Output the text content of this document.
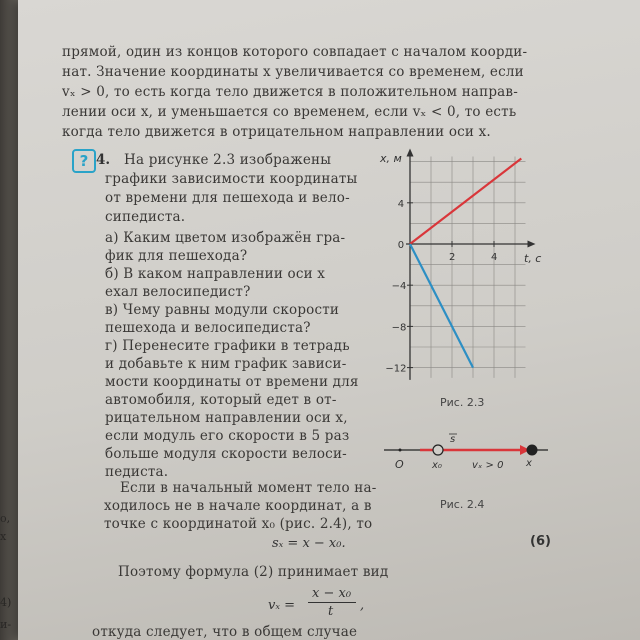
о,
x
4)
и-
прямой, один из концов которого совпадает с началом коорди-
нат. Значение координаты x увеличивается со временем, если
vₓ > 0, то есть когда тело движется в положительном направ-
лении оси x, и уменьшается со временем, если vₓ < 0, то есть
когда тело движется в отрицательном направлении оси x.
? 4. На рисунке 2.3 изображены
графики зависимости координаты
от времени для пешехода и вело-
сипедиста.
а) Каким цветом изображён гра-
фик для пешехода?
б) В каком направлении оси x
ехал велосипедист?
в) Чему равны модули скорости
пешехода и велосипедиста?
г) Перенесите графики в тетрадь
и добавьте к ним график зависи-
мости координаты от времени для
автомобиля, который едет в от-
рицательном направлении оси x,
если модуль его скорости в 5 раз
больше модуля скорости велоси-
педиста.
Если в начальный момент тело на-
ходилось не в начале координат, а в
точке с координатой x₀ (рис. 2.4), то
sₓ = x − x₀.	(6)
Поэтому формула (2) принимает вид
vₓ =
x − x₀
t ,
откуда следует, что в общем случае
x, м
t, c
2	4
4
0
−4
−8
−12
Рис. 2.3
s
O	x₀	vₓ > 0 x
Рис. 2.4
